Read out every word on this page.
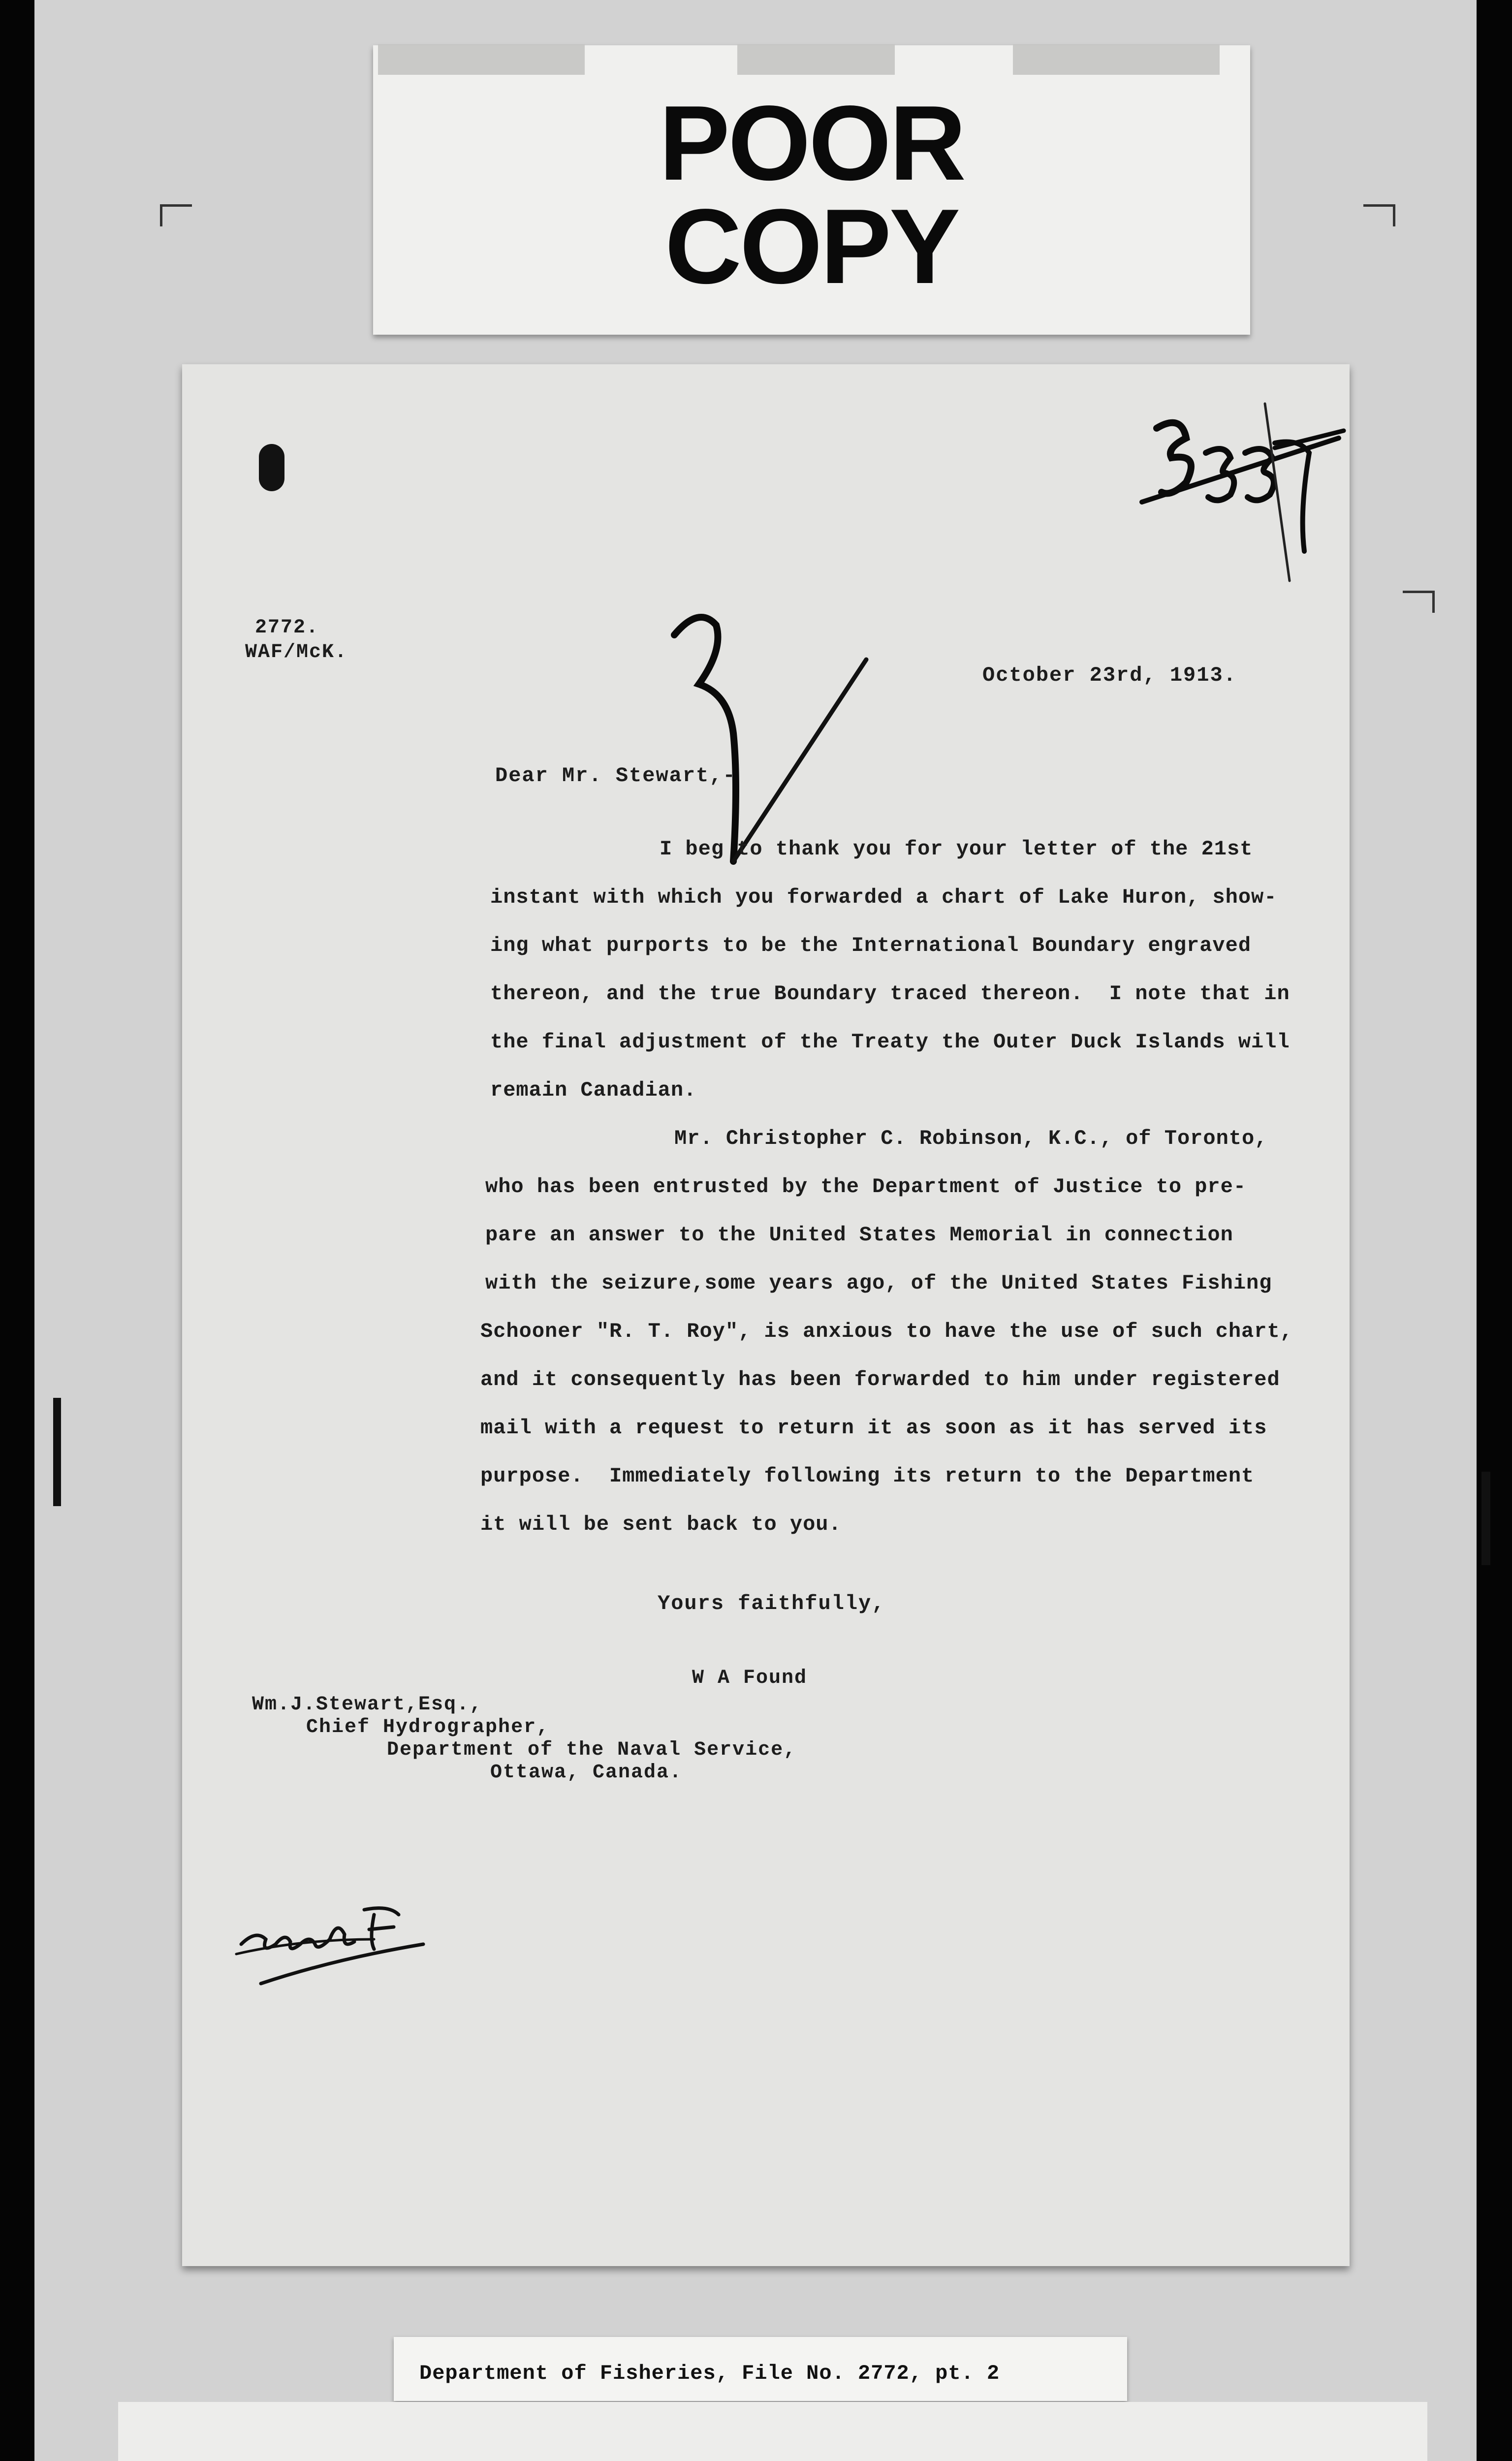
POOR
COPY
2772.
WAF/McK.
October 23rd, 1913.
Dear Mr. Stewart,-
I beg to thank you for your letter of the 21st
instant with which you forwarded a chart of Lake Huron, show-
ing what purports to be the International Boundary engraved
thereon, and the true Boundary traced thereon.  I note that in
the final adjustment of the Treaty the Outer Duck Islands will
remain Canadian.
Mr. Christopher C. Robinson, K.C., of Toronto,
who has been entrusted by the Department of Justice to pre-
pare an answer to the United States Memorial in connection
with the seizure,some years ago, of the United States Fishing
Schooner "R. T. Roy", is anxious to have the use of such chart,
and it consequently has been forwarded to him under registered
mail with a request to return it as soon as it has served its
purpose.  Immediately following its return to the Department
it will be sent back to you.
Yours faithfully,
W A Found
Wm.J.Stewart,Esq.,
Chief Hydrographer,
Department of the Naval Service,
Ottawa, Canada.
Department of Fisheries, File No. 2772, pt. 2
